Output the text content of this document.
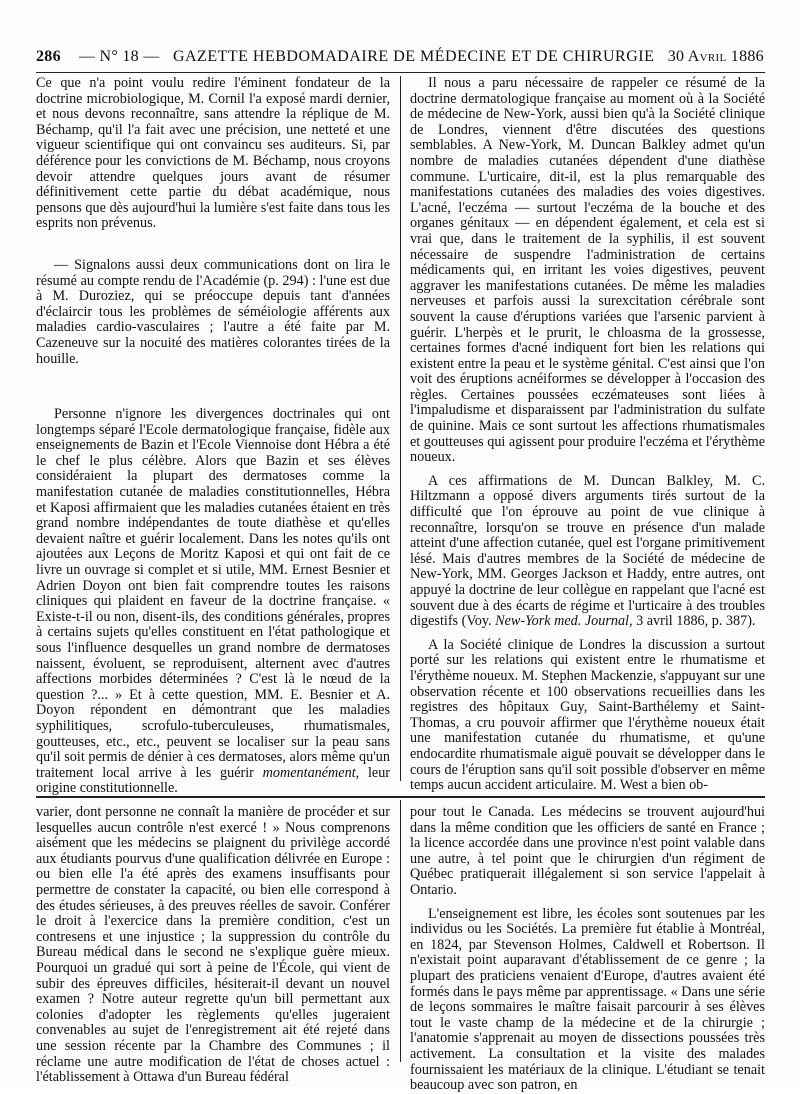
286 — N° 18 — GAZETTE HEBDOMADAIRE DE MÉDECINE ET DE CHIRURGIE 30 Avril 1886

Ce que n'a point voulu redire l'éminent fondateur de la doctrine microbiologique, M. Cornil l'a exposé mardi dernier, et nous devons reconnaître, sans attendre la réplique de M. Béchamp, qu'il l'a fait avec une précision, une netteté et une vigueur scientifique qui ont convaincu ses auditeurs. Si, par déférence pour les convictions de M. Béchamp, nous croyons devoir attendre quelques jours avant de résumer définitivement cette partie du débat académique, nous pensons que dès aujourd'hui la lumière s'est faite dans tous les esprits non prévenus.

— Signalons aussi deux communications dont on lira le résumé au compte rendu de l'Académie (p. 294) : l'une est due à M. Duroziez, qui se préoccupe depuis tant d'années d'éclaircir tous les problèmes de séméiologie afférents aux maladies cardio-vasculaires ; l'autre a été faite par M. Cazeneuve sur la nocuité des matières colorantes tirées de la houille.

Personne n'ignore les divergences doctrinales qui ont longtemps séparé l'Ecole dermatologique française, fidèle aux enseignements de Bazin et l'Ecole Viennoise dont Hébra a été le chef le plus célèbre. Alors que Bazin et ses élèves considéraient la plupart des dermatoses comme la manifestation cutanée de maladies constitutionnelles, Hébra et Kaposi affirmaient que les maladies cutanées étaient en très grand nombre indépendantes de toute diathèse et qu'elles devaient naître et guérir localement. Dans les notes qu'ils ont ajoutées aux Leçons de Moritz Kaposi et qui ont fait de ce livre un ouvrage si complet et si utile, MM. Ernest Besnier et Adrien Doyon ont bien fait comprendre toutes les raisons cliniques qui plaident en faveur de la doctrine française. « Existe-t-il ou non, disent-ils, des conditions générales, propres à certains sujets qu'elles constituent en l'état pathologique et sous l'influence desquelles un grand nombre de dermatoses naissent, évoluent, se reproduisent, alternent avec d'autres affections morbides déterminées ? C'est là le nœud de la question ?... » Et à cette question, MM. E. Besnier et A. Doyon répondent en démontrant que les maladies syphilitiques, scrofulo-tuberculeuses, rhumatismales, goutteuses, etc., etc., peuvent se localiser sur la peau sans qu'il soit permis de dénier à ces dermatoses, alors même qu'un traitement local arrive à les guérir momentanément, leur origine constitutionnelle.

Il nous a paru nécessaire de rappeler ce résumé de la doctrine dermatologique française au moment où à la Société de médecine de New-York, aussi bien qu'à la Société clinique de Londres, viennent d'être discutées des questions semblables. A New-York, M. Duncan Balkley admet qu'un nombre de maladies cutanées dépendent d'une diathèse commune. L'urticaire, dit-il, est la plus remarquable des manifestations cutanées des maladies des voies digestives. L'acné, l'eczéma — surtout l'eczéma de la bouche et des organes génitaux — en dépendent également, et cela est si vrai que, dans le traitement de la syphilis, il est souvent nécessaire de suspendre l'administration de certains médicaments qui, en irritant les voies digestives, peuvent aggraver les manifestations cutanées. De même les maladies nerveuses et parfois aussi la surexcitation cérébrale sont souvent la cause d'éruptions variées que l'arsenic parvient à guérir. L'herpès et le prurit, le chloasma de la grossesse, certaines formes d'acné indiquent fort bien les relations qui existent entre la peau et le système génital. C'est ainsi que l'on voit des éruptions acnéiformes se développer à l'occasion des règles. Certaines poussées eczémateuses sont liées à l'impaludisme et disparaissent par l'administration du sulfate de quinine. Mais ce sont surtout les affections rhumatismales et goutteuses qui agissent pour produire l'eczéma et l'érythème noueux.

A ces affirmations de M. Duncan Balkley, M. C. Hiltzmann a opposé divers arguments tirés surtout de la difficulté que l'on éprouve au point de vue clinique à reconnaître, lorsqu'on se trouve en présence d'un malade atteint d'une affection cutanée, quel est l'organe primitivement lésé. Mais d'autres membres de la Société de médecine de New-York, MM. Georges Jackson et Haddy, entre autres, ont appuyé la doctrine de leur collègue en rappelant que l'acné est souvent due à des écarts de régime et l'urticaire à des troubles digestifs (Voy. New-York med. Journal, 3 avril 1886, p. 387).

A la Société clinique de Londres la discussion a surtout porté sur les relations qui existent entre le rhumatisme et l'érythème noueux. M. Stephen Mackenzie, s'appuyant sur une observation récente et 100 observations recueillies dans les registres des hôpitaux Guy, Saint-Barthélemy et Saint-Thomas, a cru pouvoir affirmer que l'érythème noueux était une manifestation cutanée du rhumatisme, et qu'une endocardite rhumatismale aiguë pouvait se développer dans le cours de l'éruption sans qu'il soit possible d'observer en même temps aucun accident articulaire. M. West a bien ob-

varier, dont personne ne connaît la manière de procéder et sur lesquelles aucun contrôle n'est exercé ! » Nous comprenons aisément que les médecins se plaignent du privilège accordé aux étudiants pourvus d'une qualification délivrée en Europe : ou bien elle l'a été après des examens insuffisants pour permettre de constater la capacité, ou bien elle correspond à des études sérieuses, à des preuves réelles de savoir. Conférer le droit à l'exercice dans la première condition, c'est un contresens et une injustice ; la suppression du contrôle du Bureau médical dans le second ne s'explique guère mieux. Pourquoi un gradué qui sort à peine de l'École, qui vient de subir des épreuves difficiles, hésiterait-il devant un nouvel examen ? Notre auteur regrette qu'un bill permettant aux colonies d'adopter les règlements qu'elles jugeraient convenables au sujet de l'enregistrement ait été rejeté dans une session récente par la Chambre des Communes ; il réclame une autre modification de l'état de choses actuel : l'établissement à Ottawa d'un Bureau fédéral

pour tout le Canada. Les médecins se trouvent aujourd'hui dans la même condition que les officiers de santé en France ; la licence accordée dans une province n'est point valable dans une autre, à tel point que le chirurgien d'un régiment de Québec pratiquerait illégalement si son service l'appelait à Ontario.

L'enseignement est libre, les écoles sont soutenues par les individus ou les Sociétés. La première fut établie à Montréal, en 1824, par Stevenson Holmes, Caldwell et Robertson. Il n'existait point auparavant d'établissement de ce genre ; la plupart des praticiens venaient d'Europe, d'autres avaient été formés dans le pays même par apprentissage. « Dans une série de leçons sommaires le maître faisait parcourir à ses élèves tout le vaste champ de la médecine et de la chirurgie ; l'anatomie s'apprenait au moyen de dissections poussées très activement. La consultation et la visite des malades fournissaient les matériaux de la clinique. L'étudiant se tenait beaucoup avec son patron, en
